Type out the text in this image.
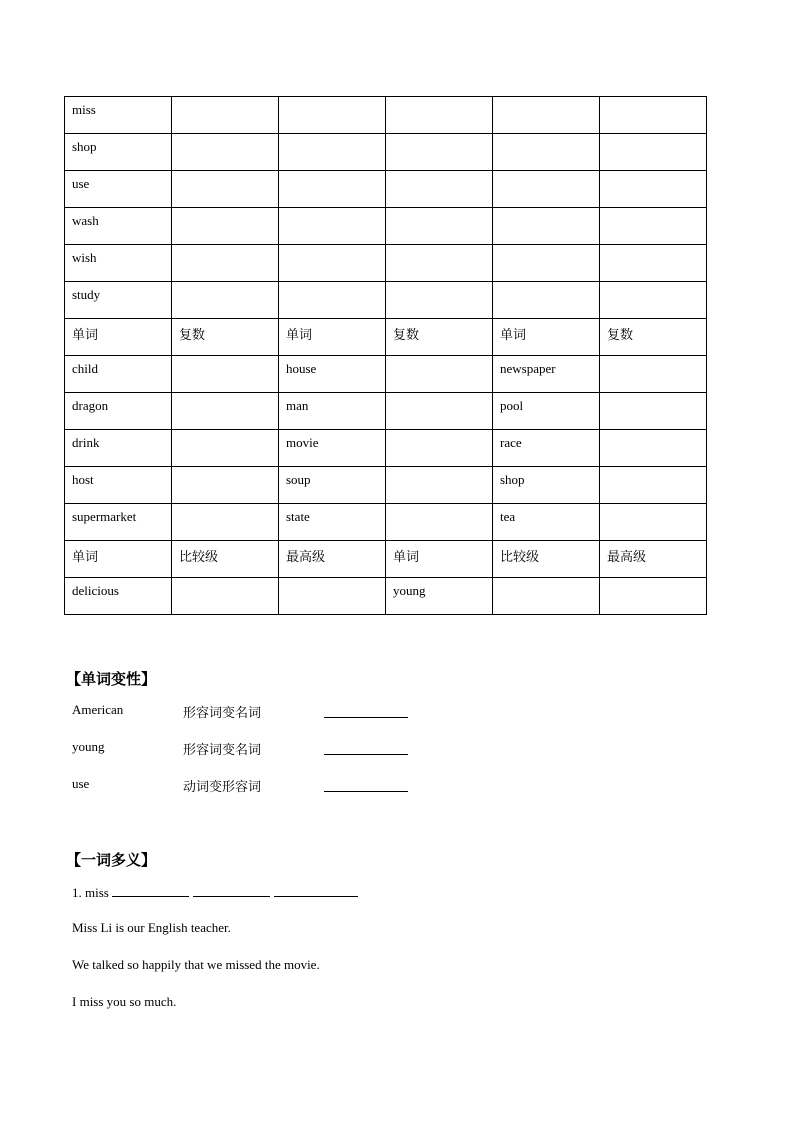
miss					
shop					
use					
wash					
wish					
study					
单词	复数	单词	复数	单词	复数
child		house		newspaper	
dragon		man		pool	
drink		movie		race	
host		soup		shop	
supermarket		state		tea	
单词	比较级	最高级	单词	比较级	最高级
delicious			young		
【单词变性】
American	形容词变名词
young	形容词变名词
use	动词变形容词
【一词多义】
1. miss
Miss Li is our English teacher.
We talked so happily that we missed the movie.
I miss you so much.
